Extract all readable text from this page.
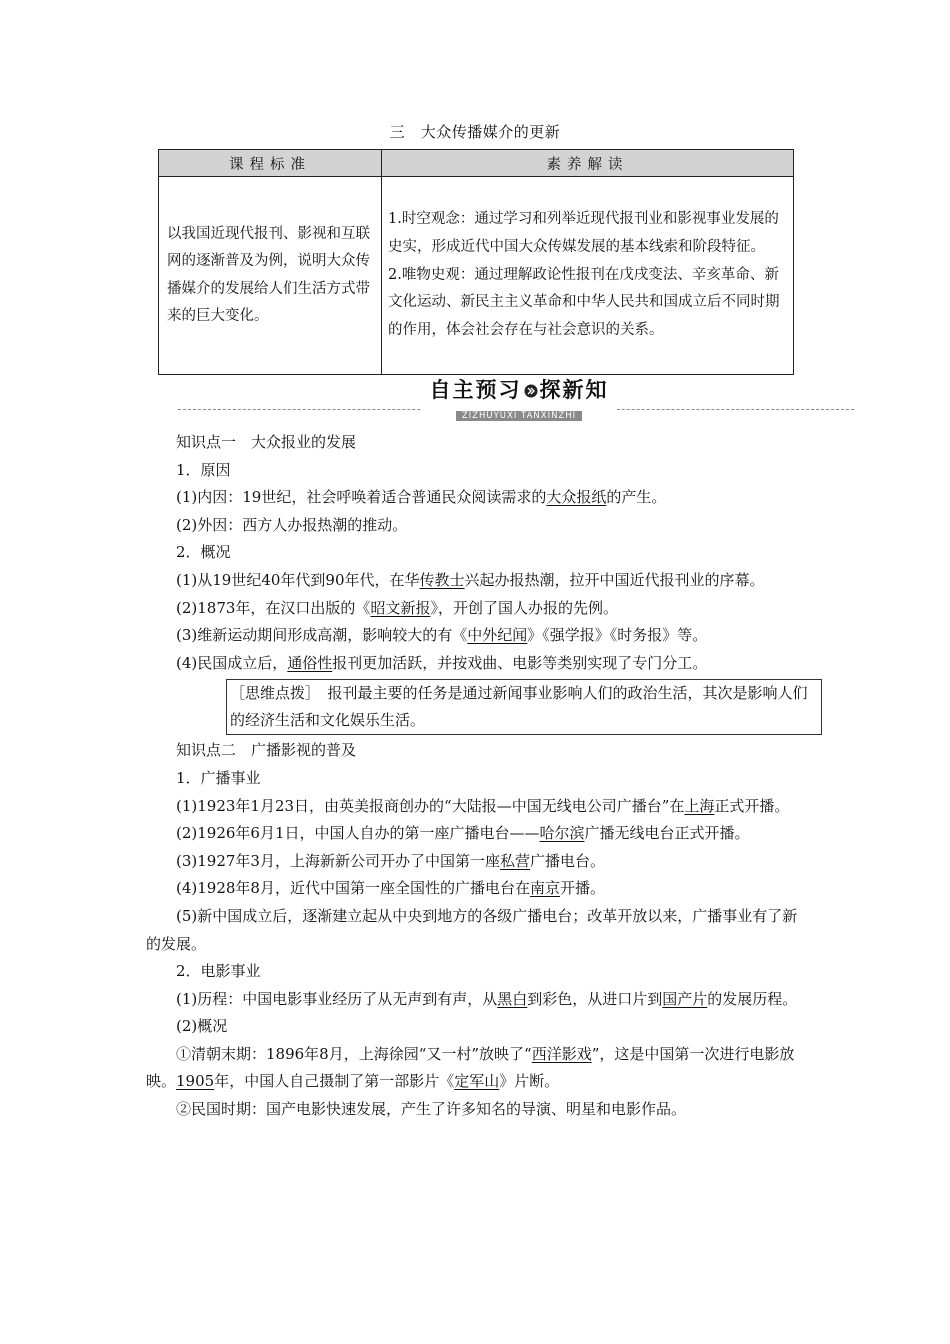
三　大众传播媒介的更新
课程标准	素养解读
以我国近现代报刊、影视和互联网的逐渐普及为例，说明大众传播媒介的发展给人们生活方式带来的巨大变化。	1.时空观念：通过学习和列举近现代报刊业和影视事业发展的史实，形成近代中国大众传媒发展的基本线索和阶段特征。
2.唯物史观：通过理解政论性报刊在戊戌变法、辛亥革命、新文化运动、新民主主义革命和中华人民共和国成立后不同时期的作用，体会社会存在与社会意识的关系。
自主预习 探新知
ZIZHUYUXI TANXINZHI

知识点一　大众报业的发展

1．原因

(1)内因：19世纪，社会呼唤着适合普通民众阅读需求的大众报纸的产生。

(2)外因：西方人办报热潮的推动。

2．概况

(1)从19世纪40年代到90年代，在华传教士兴起办报热潮，拉开中国近代报刊业的序幕。

(2)1873年，在汉口出版的《昭文新报》，开创了国人办报的先例。

(3)维新运动期间形成高潮，影响较大的有《中外纪闻》《强学报》《时务报》等。

(4)民国成立后，通俗性报刊更加活跃，并按戏曲、电影等类别实现了专门分工。

［思维点拨］　报刊最主要的任务是通过新闻事业影响人们的政治生活，其次是影响人们的经济生活和文化娱乐生活。

知识点二　广播影视的普及

1．广播事业

(1)1923年1月23日，由英美报商创办的“大陆报—中国无线电公司广播台”在上海正式开播。

(2)1926年6月1日，中国人自办的第一座广播电台——哈尔滨广播无线电台正式开播。

(3)1927年3月，上海新新公司开办了中国第一座私营广播电台。

(4)1928年8月，近代中国第一座全国性的广播电台在南京开播。

(5)新中国成立后，逐渐建立起从中央到地方的各级广播电台；改革开放以来，广播事业有了新的发展。

2．电影事业

(1)历程：中国电影事业经历了从无声到有声，从黑白到彩色，从进口片到国产片的发展历程。

(2)概况

①清朝末期：1896年8月，上海徐园“又一村”放映了“西洋影戏”，这是中国第一次进行电影放映。1905年，中国人自己摄制了第一部影片《定军山》片断。

②民国时期：国产电影快速发展，产生了许多知名的导演、明星和电影作品。
